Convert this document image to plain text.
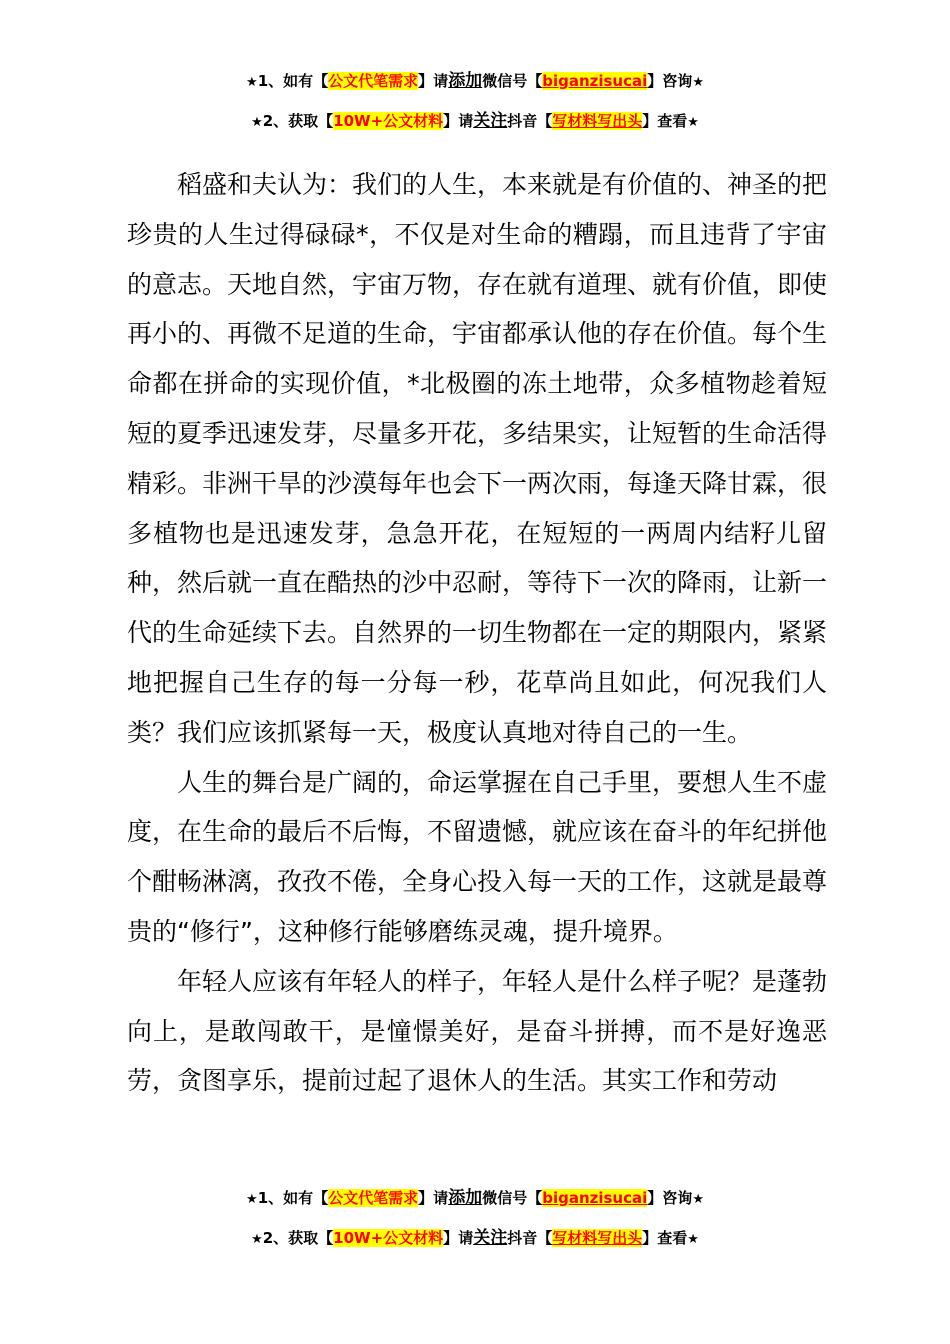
★1、如有【公文代笔需求】请添加微信号【biganzisucai】咨询★
★2、获取【10W+公文材料】请关注抖音【写材料写出头】查看★

稻盛和夫认为：我们的人生，本来就是有价值的、神圣的把珍贵的人生过得碌碌*，不仅是对生命的糟蹋，而且违背了宇宙的意志。天地自然，宇宙万物，存在就有道理、就有价值，即使再小的、再微不足道的生命，宇宙都承认他的存在价值。每个生命都在拼命的实现价值，*北极圈的冻土地带，众多植物趁着短短的夏季迅速发芽，尽量多开花，多结果实，让短暂的生命活得精彩。非洲干旱的沙漠每年也会下一两次雨，每逢天降甘霖，很多植物也是迅速发芽，急急开花，在短短的一两周内结籽儿留种，然后就一直在酷热的沙中忍耐，等待下一次的降雨，让新一代的生命延续下去。自然界的一切生物都在一定的期限内，紧紧地把握自己生存的每一分每一秒，花草尚且如此，何况我们人类？我们应该抓紧每一天，极度认真地对待自己的一生。

人生的舞台是广阔的，命运掌握在自己手里，要想人生不虚度，在生命的最后不后悔，不留遗憾，就应该在奋斗的年纪拼他个酣畅淋漓，孜孜不倦，全身心投入每一天的工作，这就是最尊贵的“修行”，这种修行能够磨练灵魂，提升境界。

年轻人应该有年轻人的样子，年轻人是什么样子呢？是蓬勃向上，是敢闯敢干，是憧憬美好，是奋斗拼搏，而不是好逸恶劳，贪图享乐，提前过起了退休人的生活。其实工作和劳动

★1、如有【公文代笔需求】请添加微信号【biganzisucai】咨询★
★2、获取【10W+公文材料】请关注抖音【写材料写出头】查看★
